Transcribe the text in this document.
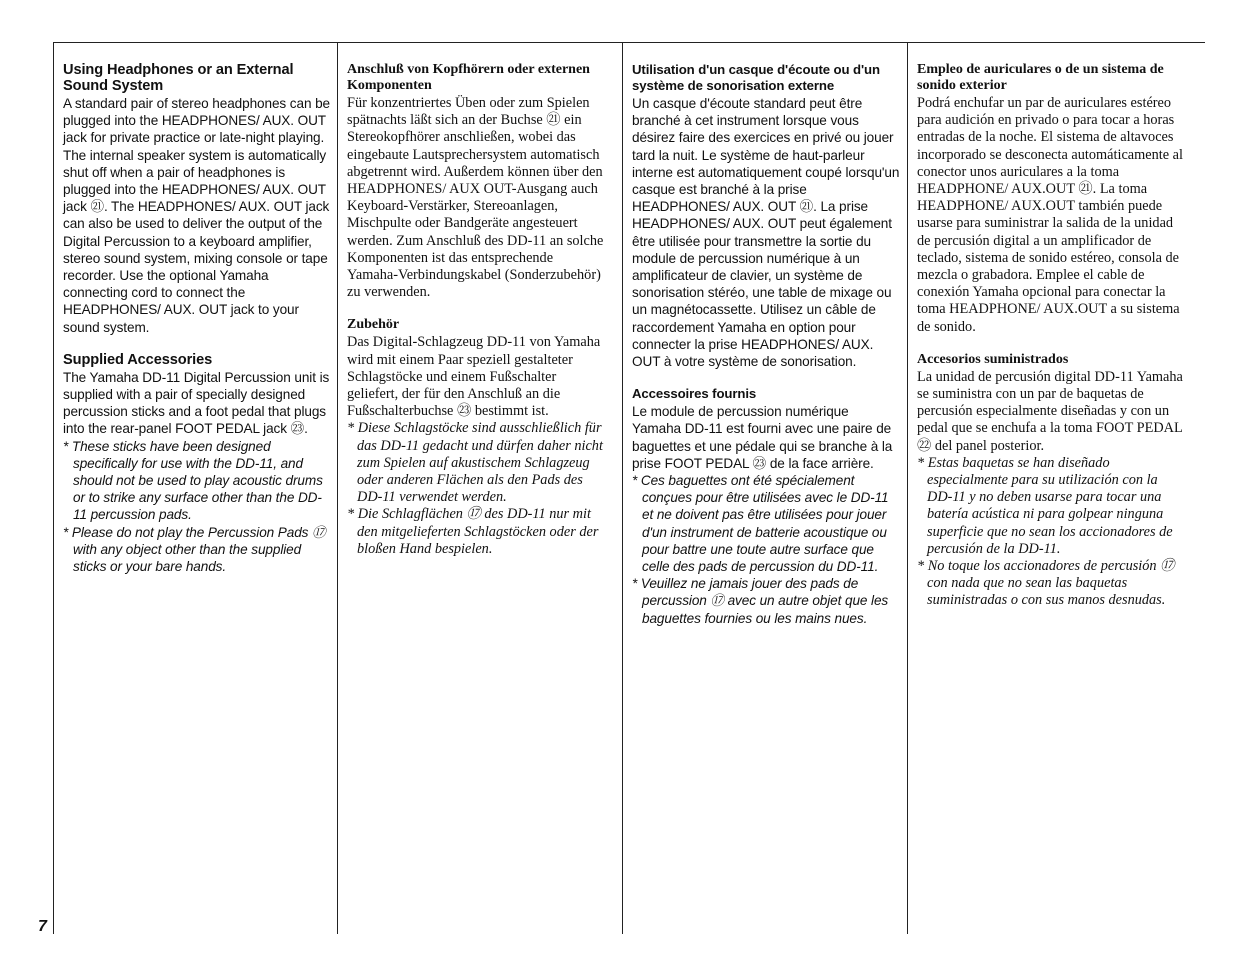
Using Headphones or an External Sound System

A standard pair of stereo headphones can be plugged into the HEADPHONES/ AUX. OUT jack for private practice or late-night playing. The internal speaker system is automatically shut off when a pair of headphones is plugged into the HEADPHONES/ AUX. OUT jack ㉑. The HEADPHONES/ AUX. OUT jack can also be used to deliver the output of the Digital Percussion to a keyboard amplifier, stereo sound system, mixing console or tape recorder. Use the optional Yamaha connecting cord to connect the HEADPHONES/ AUX. OUT jack to your sound system.

Supplied Accessories

The Yamaha DD-11 Digital Percussion unit is supplied with a pair of specially designed percussion sticks and a foot pedal that plugs into the rear-panel FOOT PEDAL jack ㉓.

* These sticks have been designed specifically for use with the DD-11, and should not be used to play acoustic drums or to strike any surface other than the DD-11 percussion pads.

* Please do not play the Percussion Pads ⑰ with any object other than the supplied sticks or your bare hands.

Anschluß von Kopfhörern oder externen Komponenten

Für konzentriertes Üben oder zum Spielen spätnachts läßt sich an der Buchse ㉑ ein Stereokopfhörer anschließen, wobei das eingebaute Lautsprechersystem automatisch abgetrennt wird. Außerdem können über den HEADPHONES/ AUX OUT-Ausgang auch Keyboard-Verstärker, Stereoanlagen, Mischpulte oder Bandgeräte angesteuert werden. Zum Anschluß des DD-11 an solche Komponenten ist das entsprechende Yamaha-Verbindungskabel (Sonderzubehör) zu verwenden.

Zubehör

Das Digital-Schlagzeug DD-11 von Yamaha wird mit einem Paar speziell gestalteter Schlagstöcke und einem Fußschalter geliefert, der für den Anschluß an die Fußschalterbuchse ㉓ bestimmt ist.

* Diese Schlagstöcke sind ausschließlich für das DD-11 gedacht und dürfen daher nicht zum Spielen auf akustischem Schlagzeug oder anderen Flächen als den Pads des DD-11 verwendet werden.

* Die Schlagflächen ⑰ des DD-11 nur mit den mitgelieferten Schlagstöcken oder der bloßen Hand bespielen.

Utilisation d'un casque d'écoute ou d'un système de sonorisation externe

Un casque d'écoute standard peut être branché à cet instrument lorsque vous désirez faire des exercices en privé ou jouer tard la nuit. Le système de haut-parleur interne est automatiquement coupé lorsqu'un casque est branché à la prise HEADPHONES/ AUX. OUT ㉑. La prise HEADPHONES/ AUX. OUT peut également être utilisée pour transmettre la sortie du module de percussion numérique à un amplificateur de clavier, un système de sonorisation stéréo, une table de mixage ou un magnétocassette. Utilisez un câble de raccordement Yamaha en option pour connecter la prise HEADPHONES/ AUX. OUT à votre système de sonorisation.

Accessoires fournis

Le module de percussion numérique Yamaha DD-11 est fourni avec une paire de baguettes et une pédale qui se branche à la prise FOOT PEDAL ㉓ de la face arrière.

* Ces baguettes ont été spécialement conçues pour être utilisées avec le DD-11 et ne doivent pas être utilisées pour jouer d'un instrument de batterie acoustique ou pour battre une toute autre surface que celle des pads de percussion du DD-11.

* Veuillez ne jamais jouer des pads de percussion ⑰ avec un autre objet que les baguettes fournies ou les mains nues.

Empleo de auriculares o de un sistema de sonido exterior

Podrá enchufar un par de auriculares estéreo para audición en privado o para tocar a horas entradas de la noche. El sistema de altavoces incorporado se desconecta automáticamente al conector unos auriculares a la toma HEADPHONE/ AUX.OUT ㉑. La toma HEADPHONE/ AUX.OUT también puede usarse para suministrar la salida de la unidad de percusión digital a un amplificador de teclado, sistema de sonido estéreo, consola de mezcla o grabadora. Emplee el cable de conexión Yamaha opcional para conectar la toma HEADPHONE/ AUX.OUT a su sistema de sonido.

Accesorios suministrados

La unidad de percusión digital DD-11 Yamaha se suministra con un par de baquetas de percusión especialmente diseñadas y con un pedal que se enchufa a la toma FOOT PEDAL ㉒ del panel posterior.

* Estas baquetas se han diseñado especialmente para su utilización con la DD-11 y no deben usarse para tocar una batería acústica ni para golpear ninguna superficie que no sean los accionadores de percusión de la DD-11.

* No toque los accionadores de percusión ⑰ con nada que no sean las baquetas suministradas o con sus manos desnudas.

7
